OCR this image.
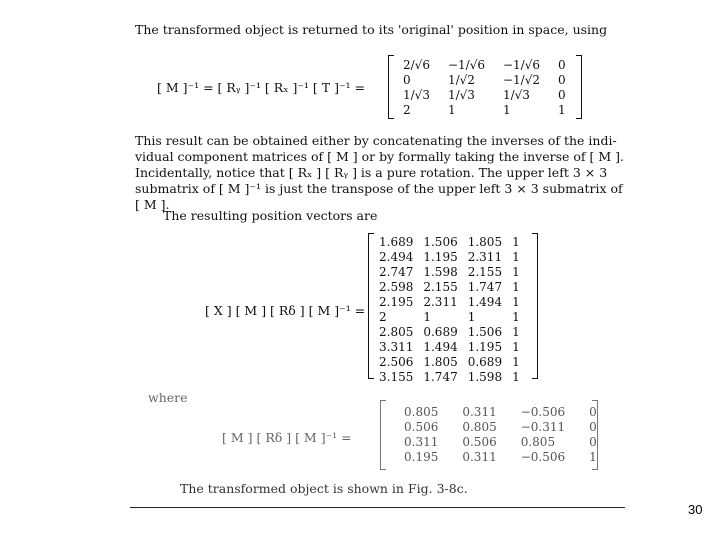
The transformed object is returned to its 'original' position in space, using
[ M ]⁻¹ = [ Rᵧ ]⁻¹ [ Rₓ ]⁻¹ [ T ]⁻¹ =
2/√6	−1/√6	−1/√6	0
0	1/√2	−1/√2	0
1/√3	1/√3	1/√3	0
2	1	1	1
This result can be obtained either by concatenating the inverses of the indi-
vidual component matrices of [ M ] or by formally taking the inverse of [ M ].
Incidentally, notice that [ Rₓ ] [ Rᵧ ] is a pure rotation. The upper left 3 × 3
submatrix of [ M ]⁻¹ is just the transpose of the upper left 3 × 3 submatrix of
[ M ].
The resulting position vectors are
[ X ] [ M ] [ Rδ ] [ M ]⁻¹ =
1.689	1.506	1.805	1
2.494	1.195	2.311	1
2.747	1.598	2.155	1
2.598	2.155	1.747	1
2.195	2.311	1.494	1
2	1	1	1
2.805	0.689	1.506	1
3.311	1.494	1.195	1
2.506	1.805	0.689	1
3.155	1.747	1.598	1
where
[ M ] [ Rδ ] [ M ]⁻¹ =
0.805	0.311	−0.506	0
0.506	0.805	−0.311	0
0.311	0.506	0.805	0
0.195	0.311	−0.506	1
The transformed object is shown in Fig. 3-8c.
30
